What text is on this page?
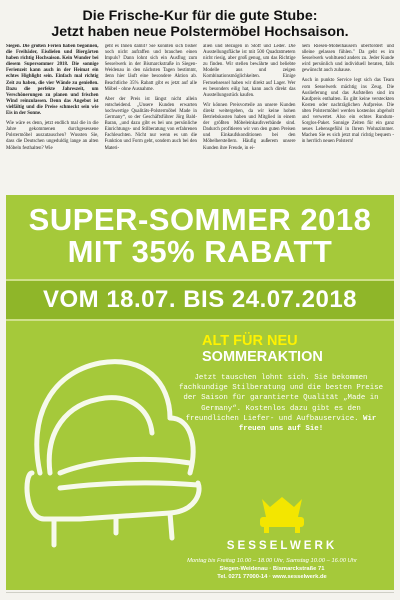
Die Frische-Kur für die gute Stube:
Jetzt haben neue Polstermöbel Hochsaison.

Siegen. Die großen Ferien haben begonnen, die Freibäder, Eisdielen und Biergärten haben richtig Hochsaison. Kein Wunder bei diesem Supersommer 2018. Die sonnige Ferienzeit kann auch in der Heimat ein echtes Highlight sein. Einfach mal richtig Zeit zu haben, die vier Wände zu genießen. Dazu die perfekte Jahreszeit, um Verschönerungen zu planen und frischen Wind reinzulassen. Denn das Angebot ist vielfältig und die Preise schmeckt sein wie Eis in der Sonne.

Wie wäre es denn, jetzt endlich mal die in die Jahre gekommenen durchgesessene Polstermöbel auszutauschen? Wussten Sie, dass die Deutschen ungeduldig lange an alten Möbeln festhalten? Wie

geht es Ihnen damit? Sie konnten sich bisher noch nicht aufraffen und brauchen einen Impuls? Dann lohnt sich ein Ausflug zum Sesselwerk in der Bismarckstraße in Siegen-Weidenau in den nächsten Tagen bestimmt, denn hier läuft eine besondere Aktion ab. Beachtliche 35% Rabatt gibt es jetzt auf alle Möbel - ohne Ausnahme.

Aber der Preis ist längst nicht allein entscheidend. „Unsere Kunden erwarten hochwertige Qualitäts-Polstermöbel Made in Germany“, so der Geschäftsführer Jörg Bald-Baran, „und dazu gibt es bei uns persönliche Einrichtungs- und Stilberatung von erfahrenen Fachleuchten. Nicht nur wenn es um die Funktion und Form geht, sondern auch bei den Materi-

alien und Bezügen in Stoff und Leder. Die Ausstellungsfläche ist mit 500 Quadratmetern nicht riesig, aber groß genug, um das Richtige zu finden. Wir stellen bewährte und beliebte Modelle aus und zeigen Kombinationsmöglichkeiten. Einige Fernsehsessel haben wir direkt auf Lager. Wer es besonders eilig hat, kann auch direkt das Ausstellungsstück kaufen.

Wir können Preisvorteile an unsere Kunden direkt weitergeben, da wir keine hohen Betriebskosten haben und Mitglied in einem der größten Möbeleinkaufsverbände sind. Dadurch profitieren wir von den guten Preisen und Einkaufskonditionen bei den Möbelherstellern. Häufig außerem unsere Kunden ihre Freude, in ei-

nem Riesen-Möbelhäusern überfordert und alleine gelassen fühlen." Da geht es im Sesselwerk wohltuend anders zu. Jeder Kunde wird persönlich und individuell beraten, falls gewünscht auch zuhause.

Auch in punkto Service legt sich das Team vom Sesselwerk mächtig ins Zeug. Die Auslieferung und das Aufstellen sind im Kaufpreis enthalten. Es gibt keine versteckten Kosten oder nachträglichen Aufpreise. Die alten Polstermöbel werden kostenlos abgeholt und verwertet. Also ein echtes Rundum-Sorglos-Paket. Sonnige Zeiten für ein ganz neues Lebensgefühl in Ihrem Wohnzimmer. Machen Sie es sich jetzt mal richtig bequem - in herrlich neuen Polstern!

SUPER-SOMMER 2018
MIT 35% RABATT
VOM 18.07. BIS 24.07.2018
ALT FÜR NEU
SOMMERAKTION
Jetzt tauschen lohnt sich. Sie bekommen fachkundige Stilberatung und die besten Preise der Saison für garantierte Qualität „Made in Germany“. Kostenlos dazu gibt es den freundlichen Liefer- und Aufbauservice. Wir freuen uns auf Sie!
SESSELWERK
Montag bis Freitag 10.00 – 18.00 Uhr, Samstag 10.00 – 16.00 Uhr
Siegen-Weidenau · Bismarckstraße 71
Tel. 0271 77000-14 · www.sesselwerk.de
